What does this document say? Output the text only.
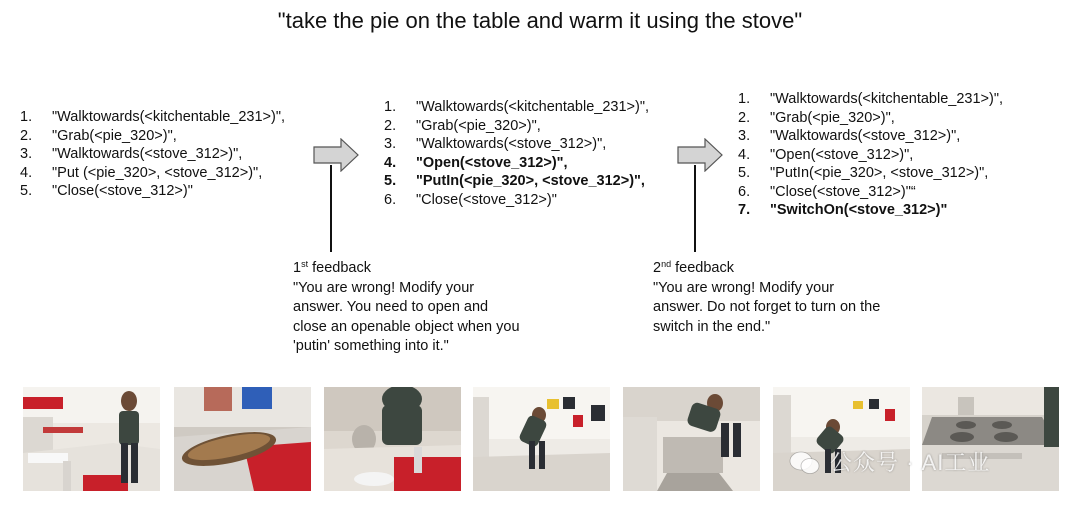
"take the pie on the table and warm it using the stove"
1. "Walktowards(<kitchentable_231>)",
2. "Grab(<pie_320>)",
3. "Walktowards(<stove_312>)",
4. "Put (<pie_320>, <stove_312>)",
5. "Close(<stove_312>)"
1. "Walktowards(<kitchentable_231>)",
2. "Grab(<pie_320>)",
3. "Walktowards(<stove_312>)",
4. "Open(<stove_312>)",
5. "PutIn(<pie_320>, <stove_312>)",
6. "Close(<stove_312>)"
1. "Walktowards(<kitchentable_231>)",
2. "Grab(<pie_320>)",
3. "Walktowards(<stove_312>)",
4. "Open(<stove_312>)",
5. "PutIn(<pie_320>, <stove_312>)",
6. "Close(<stove_312>)"“
7. "SwitchOn(<stove_312>)"
1st feedback
"You are wrong! Modify your
answer. You need to open and
close an openable object when you
'putin' something into it."
2nd feedback
"You are wrong! Modify your
answer. Do not forget to turn on the
switch in the end."
公众号 · AI工业
